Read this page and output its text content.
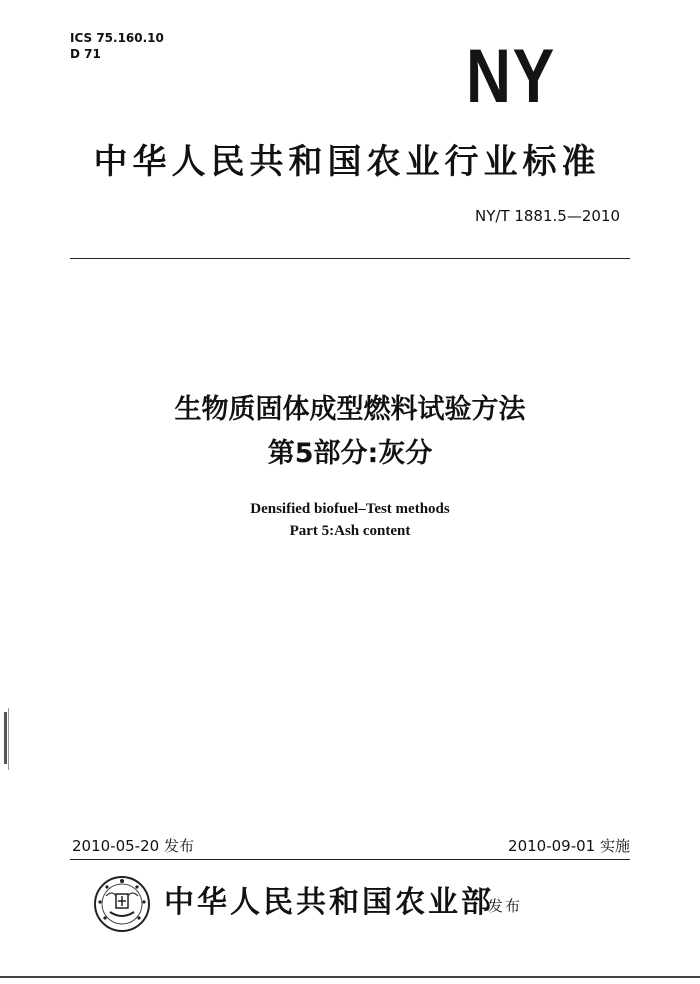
ICS 75.160.10
D 71	NY
中华人民共和国农业行业标准
NY/T 1881.5—2010
生物质固体成型燃料试验方法
第5部分:灰分
Densified biofuel–Test methods
Part 5:Ash content
2010-05-20 发布	2010-09-01 实施
中华人民共和国农业部
发布
